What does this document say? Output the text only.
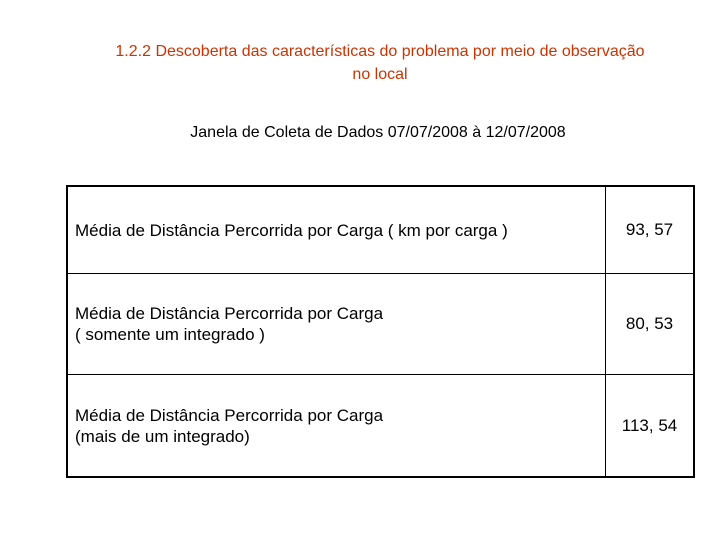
1.2.2 Descoberta das características do problema por meio de observação
no local
Janela de Coleta de Dados 07/07/2008 à 12/07/2008
Média de Distância Percorrida por Carga ( km por carga )	93, 57

Média de Distância Percorrida por Carga
( somente um integrado )	80, 53

Média de Distância Percorrida por Carga
(mais de um integrado)	113, 54
